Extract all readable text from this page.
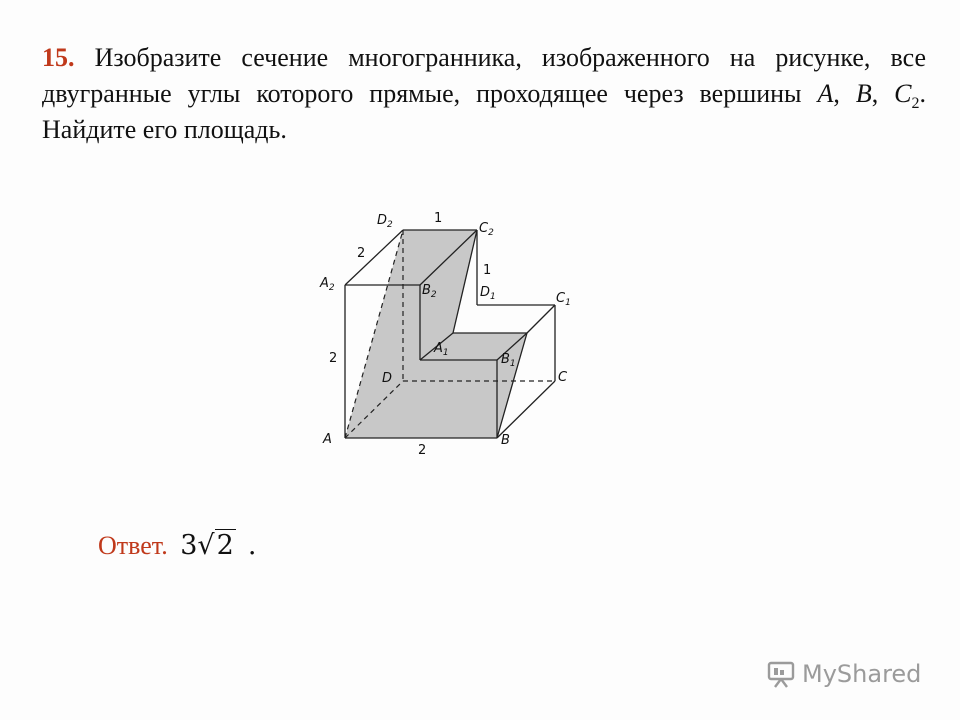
15. Изобразите сечение многогранника, изображенного на рисунке, все двугранные углы которого прямые, проходящее через вершины A, B, $C_2$. Найдите его площадь.
$D_2$	$C_2$
$A_2$	$B_2$	$D_1$	$C_1$
$A_1$	$B_1$
D	C
A	B
1
2
1
2
2
Ответ. 3√2 .
MyShared
